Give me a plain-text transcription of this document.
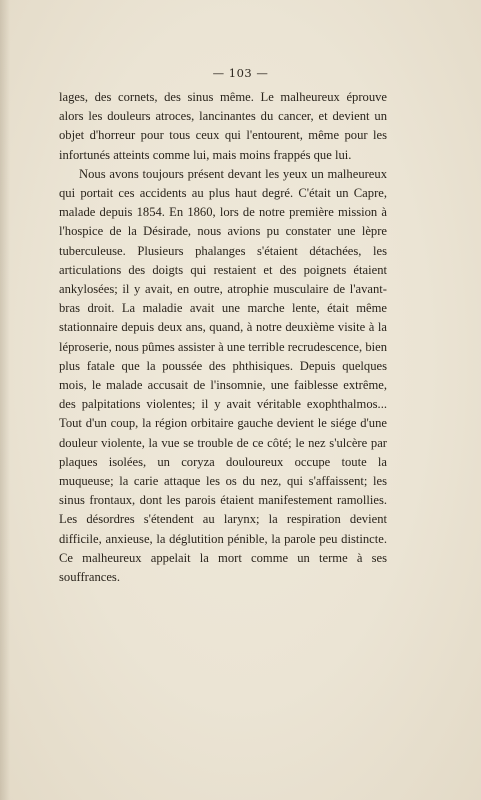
— 103 —

lages, des cornets, des sinus même. Le malheureux éprouve alors les douleurs atroces, lancinantes du cancer, et devient un objet d'horreur pour tous ceux qui l'entourent, même pour les infortunés atteints comme lui, mais moins frappés que lui.

Nous avons toujours présent devant les yeux un malheureux qui portait ces accidents au plus haut degré. C'était un Capre, malade depuis 1854. En 1860, lors de notre première mission à l'hospice de la Désirade, nous avions pu constater une lèpre tuberculeuse. Plusieurs phalanges s'étaient détachées, les articulations des doigts qui restaient et des poignets étaient ankylosées; il y avait, en outre, atrophie musculaire de l'avant-bras droit. La maladie avait une marche lente, était même stationnaire depuis deux ans, quand, à notre deuxième visite à la léproserie, nous pûmes assister à une terrible recrudescence, bien plus fatale que la poussée des phthisiques. Depuis quelques mois, le malade accusait de l'insomnie, une faiblesse extrême, des palpitations violentes; il y avait véritable exophthalmos... Tout d'un coup, la région orbitaire gauche devient le siége d'une douleur violente, la vue se trouble de ce côté; le nez s'ulcère par plaques isolées, un coryza douloureux occupe toute la muqueuse; la carie attaque les os du nez, qui s'affaissent; les sinus frontaux, dont les parois étaient manifestement ramollies. Les désordres s'étendent au larynx; la respiration devient difficile, anxieuse, la déglutition pénible, la parole peu distincte. Ce malheureux appelait la mort comme un terme à ses souffrances.
